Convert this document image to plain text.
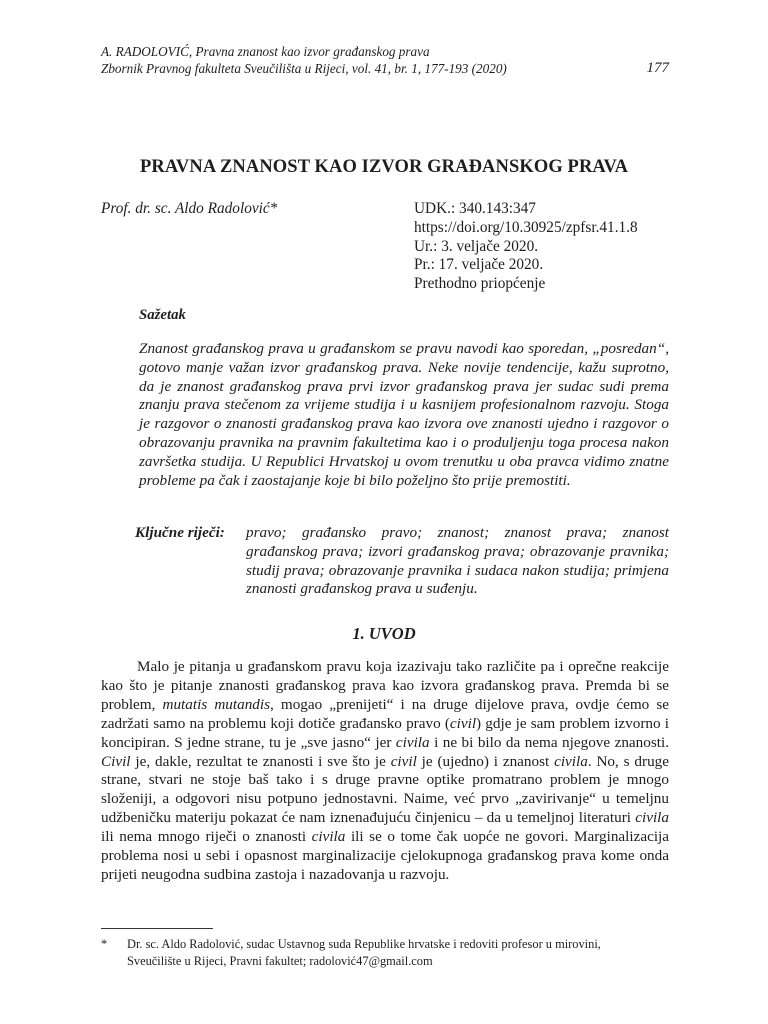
A. RADOLOVIĆ, Pravna znanost kao izvor građanskog prava
Zbornik Pravnog fakulteta Sveučilišta u Rijeci, vol. 41, br. 1, 177-193 (2020)	177
PRAVNA ZNANOST KAO IZVOR GRAĐANSKOG PRAVA
Prof. dr. sc. Aldo Radolović*	UDK.: 340.143:347
https://doi.org/10.30925/zpfsr.41.1.8
Ur.: 3. veljače 2020.
Pr.: 17. veljače 2020.
Prethodno priopćenje
Sažetak
Znanost građanskog prava u građanskom se pravu navodi kao sporedan, „posredan“, gotovo manje važan izvor građanskog prava. Neke novije tendencije, kažu suprotno, da je znanost građanskog prava prvi izvor građanskog prava jer sudac sudi prema znanju prava stečenom za vrijeme studija i u kasnijem profesionalnom razvoju. Stoga je razgovor o znanosti građanskog prava kao izvora ove znanosti ujedno i razgovor o obrazovanju pravnika na pravnim fakultetima kao i o produljenju toga procesa nakon završetka studija. U Republici Hrvatskoj u ovom trenutku u oba pravca vidimo znatne probleme pa čak i zaostajanje koje bi bilo poželjno što prije premostiti.
Ključne riječi: pravo; građansko pravo; znanost; znanost prava; znanost građanskog prava; izvori građanskog prava; obrazovanje pravnika; studij prava; obrazovanje pravnika i sudaca nakon studija; primjena znanosti građanskog prava u suđenju.
1. UVOD

Malo je pitanja u građanskom pravu koja izazivaju tako različite pa i oprečne reakcije kao što je pitanje znanosti građanskog prava kao izvora građanskog prava. Premda bi se problem, mutatis mutandis, mogao „prenijeti“ i na druge dijelove prava, ovdje ćemo se zadržati samo na problemu koji dotiče građansko pravo (civil) gdje je sam problem izvorno i koncipiran. S jedne strane, tu je „sve jasno“ jer civila i ne bi bilo da nema njegove znanosti. Civil je, dakle, rezultat te znanosti i sve što je civil je (ujedno) i znanost civila. No, s druge strane, stvari ne stoje baš tako i s druge pravne optike promatrano problem je mnogo složeniji, a odgovori nisu potpuno jednostavni. Naime, već prvo „zavirivanje“ u temeljnu udžbeničku materiju pokazat će nam iznenađujuću činjenicu – da u temeljnoj literaturi civila ili nema mnogo riječi o znanosti civila ili se o tome čak uopće ne govori. Marginalizacija problema nosi u sebi i opasnost marginalizacije cjelokupnoga građanskog prava kome onda prijeti neugodna sudbina zastoja i nazadovanja u razvoju.

* Dr. sc. Aldo Radolović, sudac Ustavnog suda Republike hrvatske i redoviti profesor u mirovini,
Sveučilište u Rijeci, Pravni fakultet; radolović47@gmail.com
